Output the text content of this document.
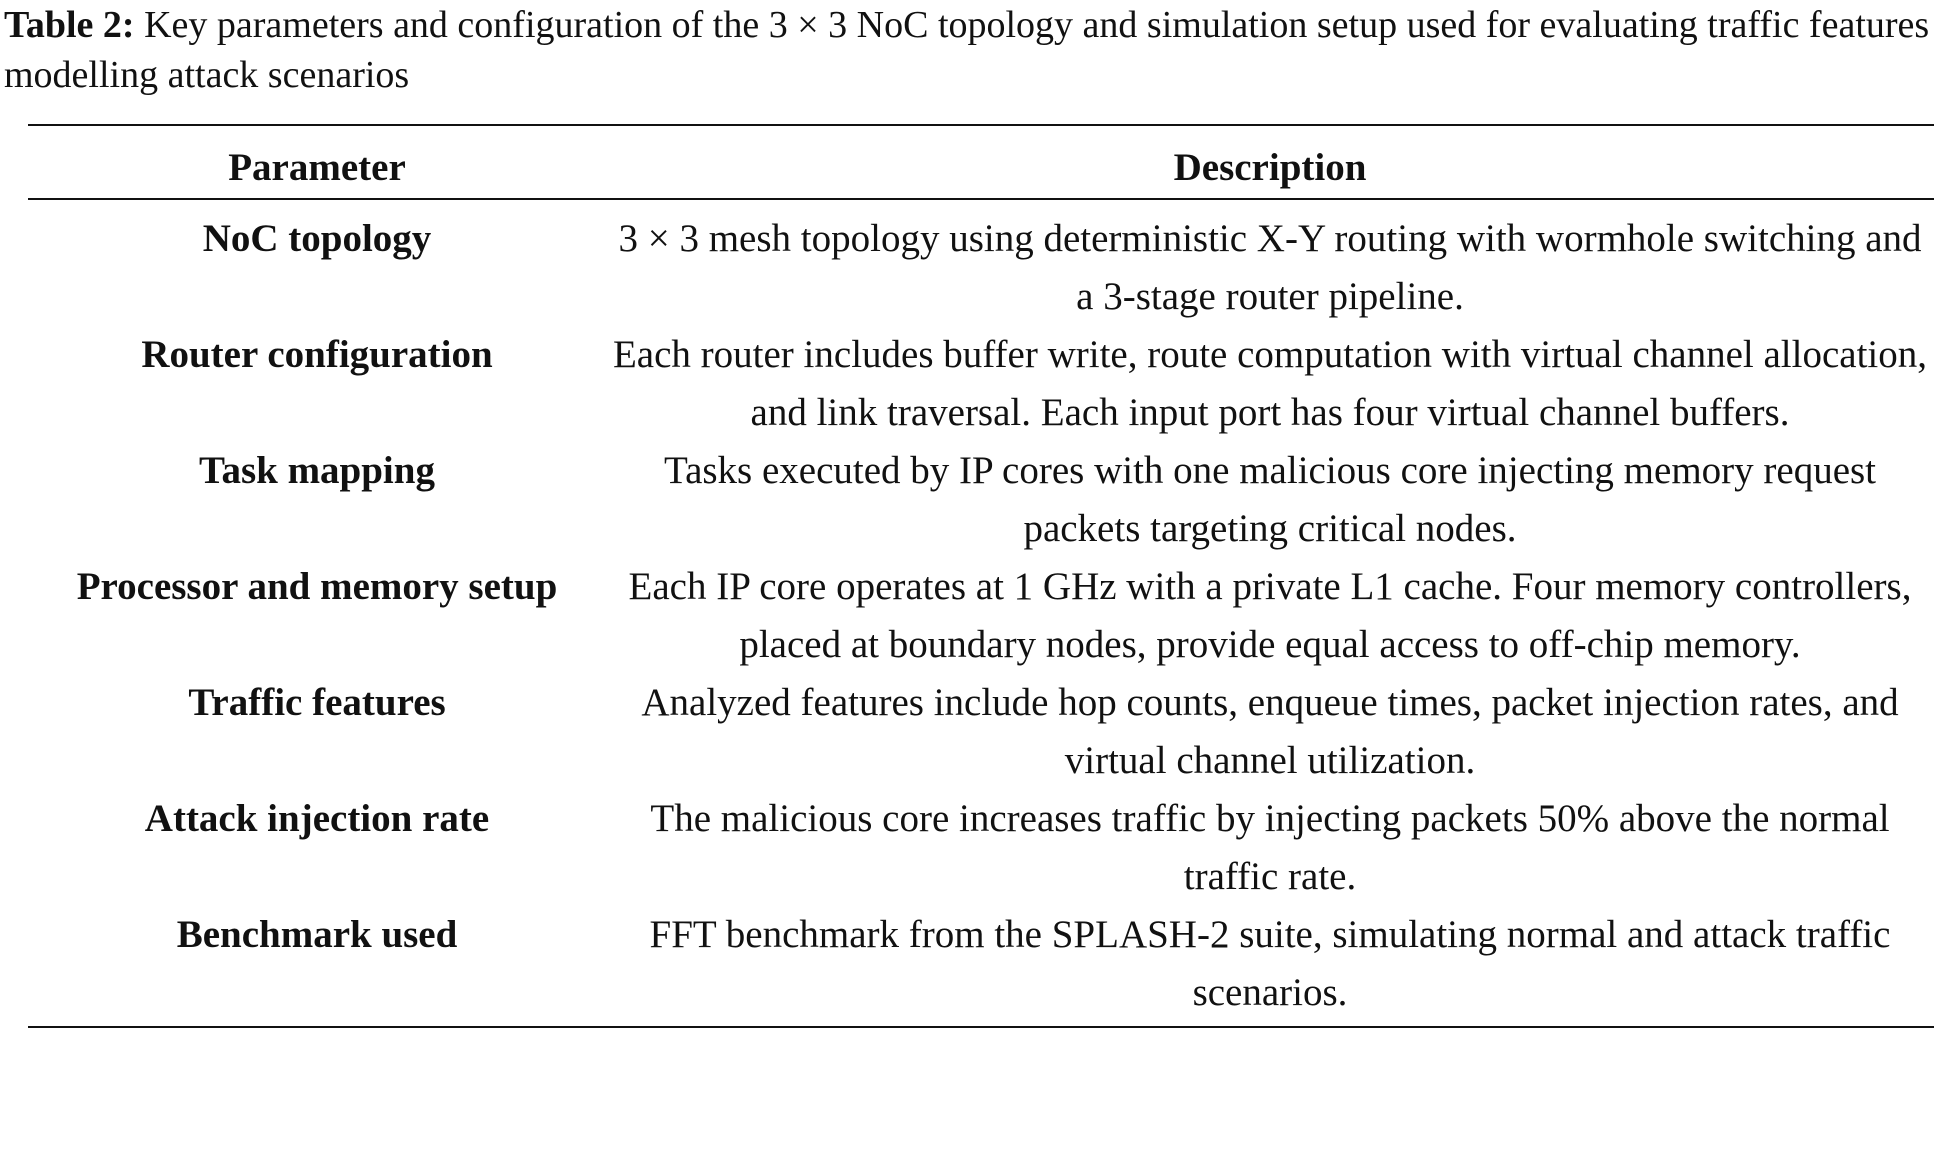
Table 2: Key parameters and configuration of the 3 × 3 NoC topology and simulation setup used for evaluating traffic features modelling attack scenarios

Parameter	Description
NoC topology	3 × 3 mesh topology using deterministic X-Y routing with wormhole switching and a 3-stage router pipeline.
Router configuration	Each router includes buffer write, route computation with virtual channel allocation, and link traversal. Each input port has four virtual channel buffers.
Task mapping	Tasks executed by IP cores with one malicious core injecting memory request packets targeting critical nodes.
Processor and memory setup	Each IP core operates at 1 GHz with a private L1 cache. Four memory controllers, placed at boundary nodes, provide equal access to off-chip memory.
Traffic features	Analyzed features include hop counts, enqueue times, packet injection rates, and virtual channel utilization.
Attack injection rate	The malicious core increases traffic by injecting packets 50% above the normal traffic rate.
Benchmark used	FFT benchmark from the SPLASH-2 suite, simulating normal and attack traffic scenarios.
